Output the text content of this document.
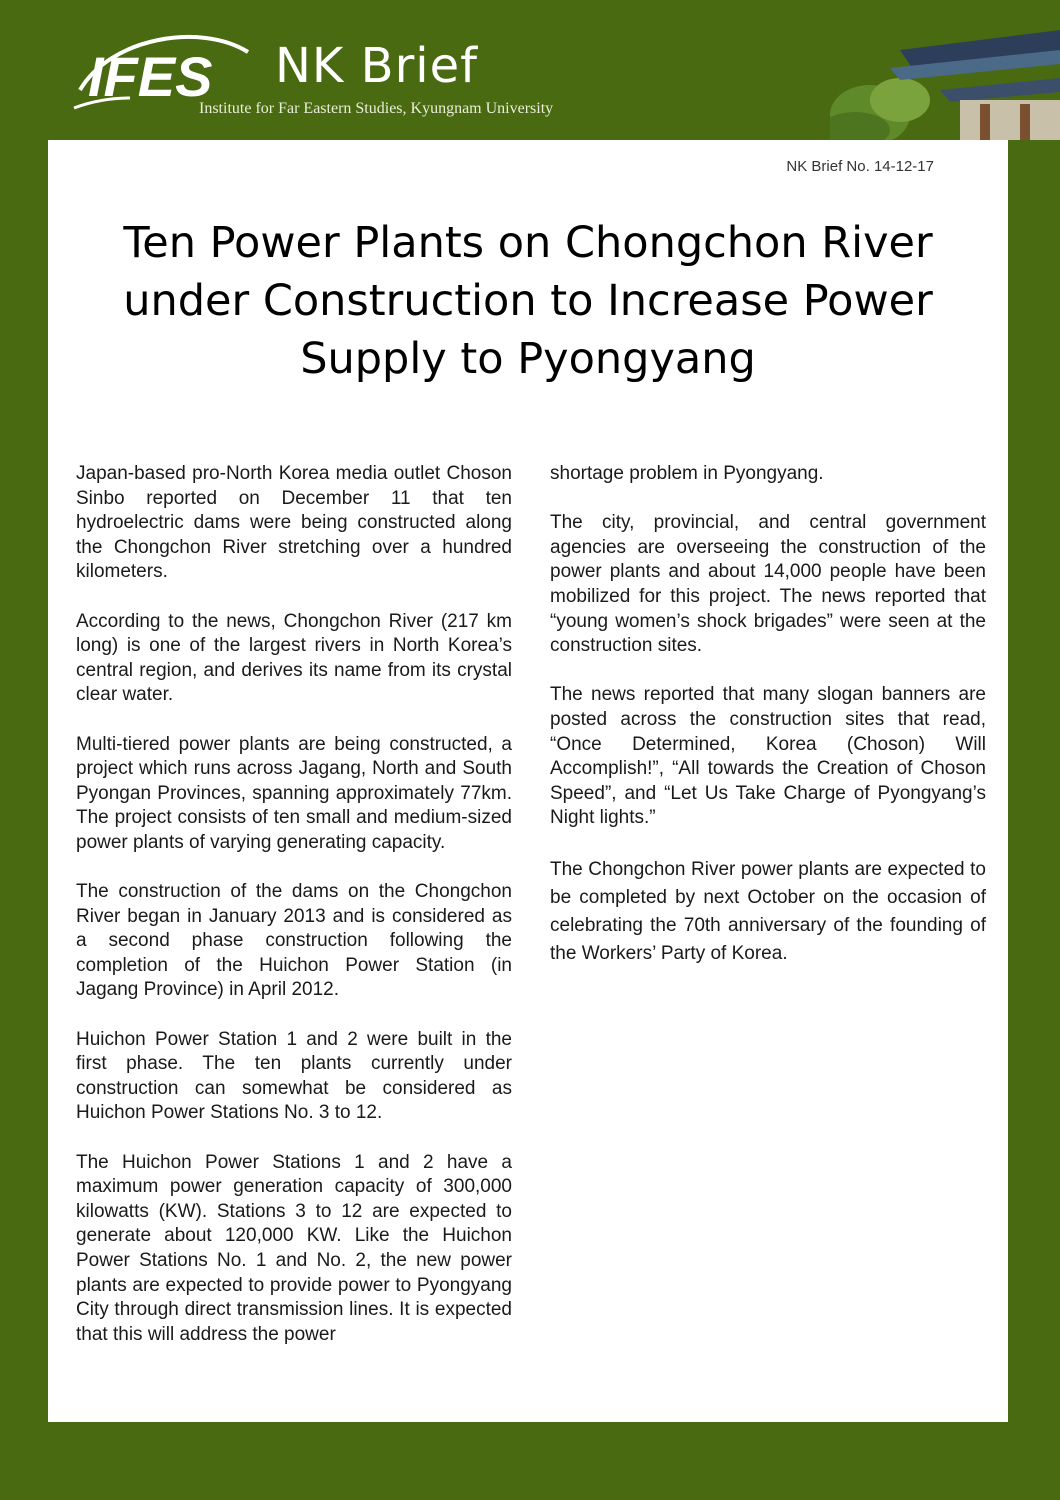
IFES NK Brief
Institute for Far Eastern Studies, Kyungnam University
NK Brief No. 14-12-17
Ten Power Plants on Chongchon River under Construction to Increase Power Supply to Pyongyang

Japan-based pro-North Korea media outlet Choson Sinbo reported on December 11 that ten hydroelectric dams were being constructed along the Chongchon River stretching over a hundred kilometers.

According to the news, Chongchon River (217 km long) is one of the largest rivers in North Korea’s central region, and derives its name from its crystal clear water.

Multi-tiered power plants are being constructed, a project which runs across Jagang, North and South Pyongan Provinces, spanning approximately 77km. The project consists of ten small and medium-sized power plants of varying generating capacity.

The construction of the dams on the Chongchon River began in January 2013 and is considered as a second phase construction following the completion of the Huichon Power Station (in Jagang Province) in April 2012.

Huichon Power Station 1 and 2 were built in the first phase. The ten plants currently under construction can somewhat be considered as Huichon Power Stations No. 3 to 12.

The Huichon Power Stations 1 and 2 have a maximum power generation capacity of 300,000 kilowatts (KW). Stations 3 to 12 are expected to generate about 120,000 KW. Like the Huichon Power Stations No. 1 and No. 2, the new power plants are expected to provide power to Pyongyang City through direct transmission lines. It is expected that this will address the power

shortage problem in Pyongyang.

The city, provincial, and central government agencies are overseeing the construction of the power plants and about 14,000 people have been mobilized for this project. The news reported that “young women’s shock brigades” were seen at the construction sites.

The news reported that many slogan banners are posted across the construction sites that read, “Once Determined, Korea (Choson) Will Accomplish!”, “All towards the Creation of Choson Speed”, and “Let Us Take Charge of Pyongyang’s Night lights.”

The Chongchon River power plants are expected to be completed by next October on the occasion of celebrating the 70th anniversary of the founding of the Workers’ Party of Korea.
